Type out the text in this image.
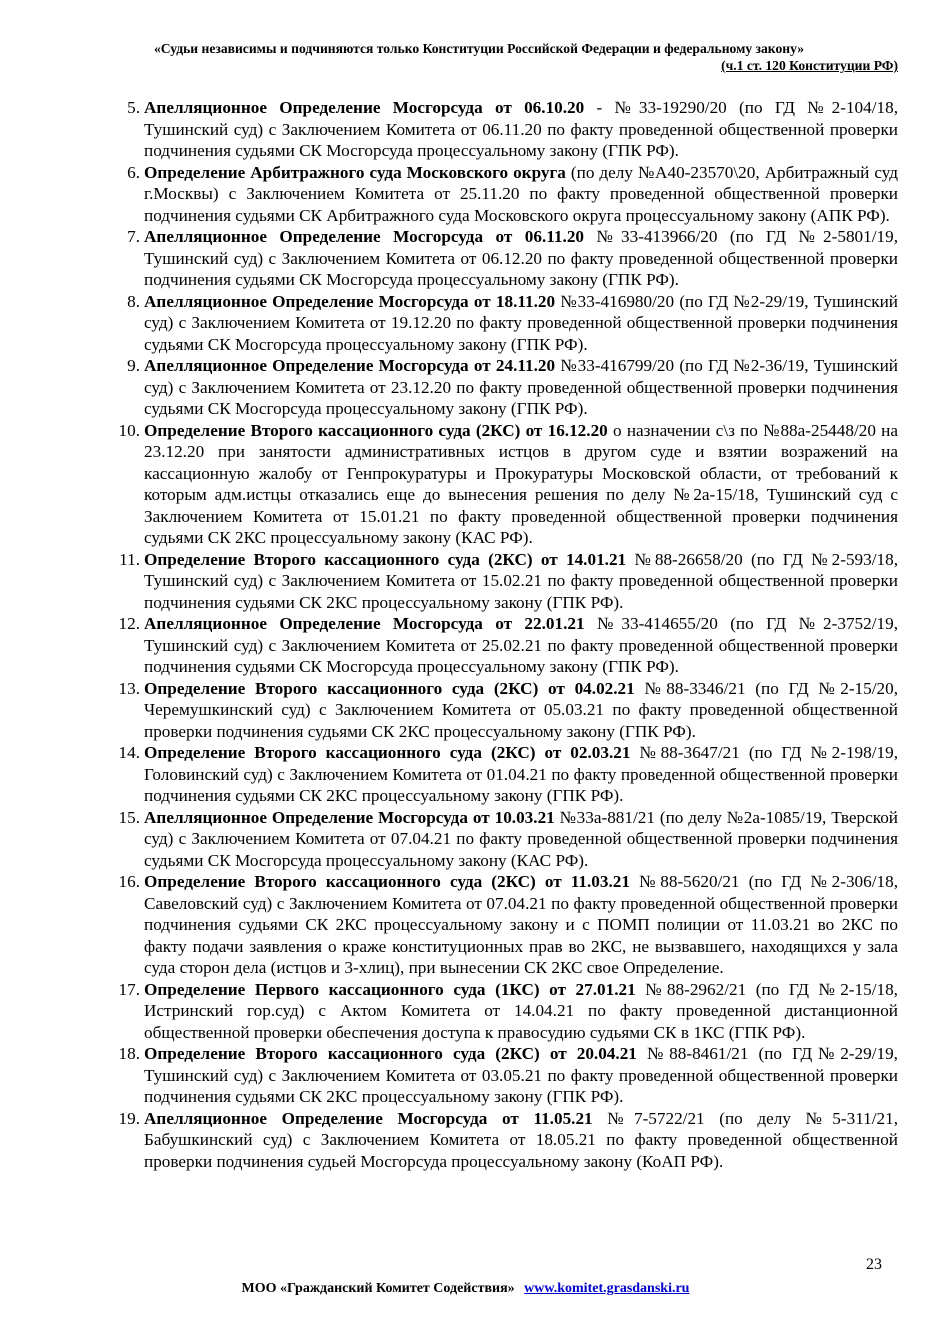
«Судьи независимы и подчиняются только Конституции Российской Федерации и федеральному закону»
(ч.1 ст. 120 Конституции РФ)
5. Апелляционное Определение Мосгорсуда от 06.10.20 - №33-19290/20 (по ГД №2-104/18, Тушинский суд) с Заключением Комитета от 06.11.20 по факту проведенной общественной проверки подчинения судьями СК Мосгорсуда процессуальному закону (ГПК РФ).
6. Определение Арбитражного суда Московского округа (по делу №А40-23570\20, Арбитражный суд г.Москвы) с Заключением Комитета от 25.11.20 по факту проведенной общественной проверки подчинения судьями СК Арбитражного суда Московского округа процессуальному закону (АПК РФ).
7. Апелляционное Определение Мосгорсуда от 06.11.20 №33-413966/20 (по ГД №2-5801/19, Тушинский суд) с Заключением Комитета от 06.12.20 по факту проведенной общественной проверки подчинения судьями СК Мосгорсуда процессуальному закону (ГПК РФ).
8. Апелляционное Определение Мосгорсуда от 18.11.20 №33-416980/20 (по ГД №2-29/19, Тушинский суд) с Заключением Комитета от 19.12.20 по факту проведенной общественной проверки подчинения судьями СК Мосгорсуда процессуальному закону (ГПК РФ).
9. Апелляционное Определение Мосгорсуда от 24.11.20 №33-416799/20 (по ГД №2-36/19, Тушинский суд) с Заключением Комитета от 23.12.20 по факту проведенной общественной проверки подчинения судьями СК Мосгорсуда процессуальному закону (ГПК РФ).
10. Определение Второго кассационного суда (2КС) от 16.12.20 о назначении с\з по №88а-25448/20 на 23.12.20 при занятости административных истцов в другом суде и взятии возражений на кассационную жалобу от Генпрокуратуры и Прокуратуры Московской области, от требований к которым адм.истцы отказались еще до вынесения решения по делу №2а-15/18, Тушинский суд с Заключением Комитета от 15.01.21 по факту проведенной общественной проверки подчинения судьями СК 2КС процессуальному закону (КАС РФ).
11. Определение Второго кассационного суда (2КС) от 14.01.21 №88-26658/20 (по ГД №2-593/18, Тушинский суд) с Заключением Комитета от 15.02.21 по факту проведенной общественной проверки подчинения судьями СК 2КС процессуальному закону (ГПК РФ).
12. Апелляционное Определение Мосгорсуда от 22.01.21 №33-414655/20 (по ГД №2-3752/19, Тушинский суд) с Заключением Комитета от 25.02.21 по факту проведенной общественной проверки подчинения судьями СК Мосгорсуда процессуальному закону (ГПК РФ).
13. Определение Второго кассационного суда (2КС) от 04.02.21 №88-3346/21 (по ГД №2-15/20, Черемушкинский суд) с Заключением Комитета от 05.03.21 по факту проведенной общественной проверки подчинения судьями СК 2КС процессуальному закону (ГПК РФ).
14. Определение Второго кассационного суда (2КС) от 02.03.21 №88-3647/21 (по ГД №2-198/19, Головинский суд) с Заключением Комитета от 01.04.21 по факту проведенной общественной проверки подчинения судьями СК 2КС процессуальному закону (ГПК РФ).
15. Апелляционное Определение Мосгорсуда от 10.03.21 №33а-881/21 (по делу №2а-1085/19, Тверской суд) с Заключением Комитета от 07.04.21 по факту проведенной общественной проверки подчинения судьями СК Мосгорсуда процессуальному закону (КАС РФ).
16. Определение Второго кассационного суда (2КС) от 11.03.21 №88-5620/21 (по ГД №2-306/18, Савеловский суд) с Заключением Комитета от 07.04.21 по факту проведенной общественной проверки подчинения судьями СК 2КС процессуальному закону и с ПОМП полиции от 11.03.21 во 2КС по факту подачи заявления о краже конституционных прав во 2КС, не вызвавшего, находящихся у зала суда сторон дела (истцов и 3-хлиц), при вынесении СК 2КС свое Определение.
17. Определение Первого кассационного суда (1КС) от 27.01.21 №88-2962/21 (по ГД №2-15/18, Истринский гор.суд) с Актом Комитета от 14.04.21 по факту проведенной дистанционной общественной проверки обеспечения доступа к правосудию судьями СК в 1КС (ГПК РФ).
18. Определение Второго кассационного суда (2КС) от 20.04.21 №88-8461/21 (по ГД№2-29/19, Тушинский суд) с Заключением Комитета от 03.05.21 по факту проведенной общественной проверки подчинения судьями СК 2КС процессуальному закону (ГПК РФ).
19. Апелляционное Определение Мосгорсуда от 11.05.21 №7-5722/21 (по делу №5-311/21, Бабушкинский суд) с Заключением Комитета от 18.05.21 по факту проведенной общественной проверки подчинения судьей Мосгорсуда процессуальному закону (КоАП РФ).
23
МОО «Гражданский Комитет Содействия» www.komitet.grasdanski.ru
